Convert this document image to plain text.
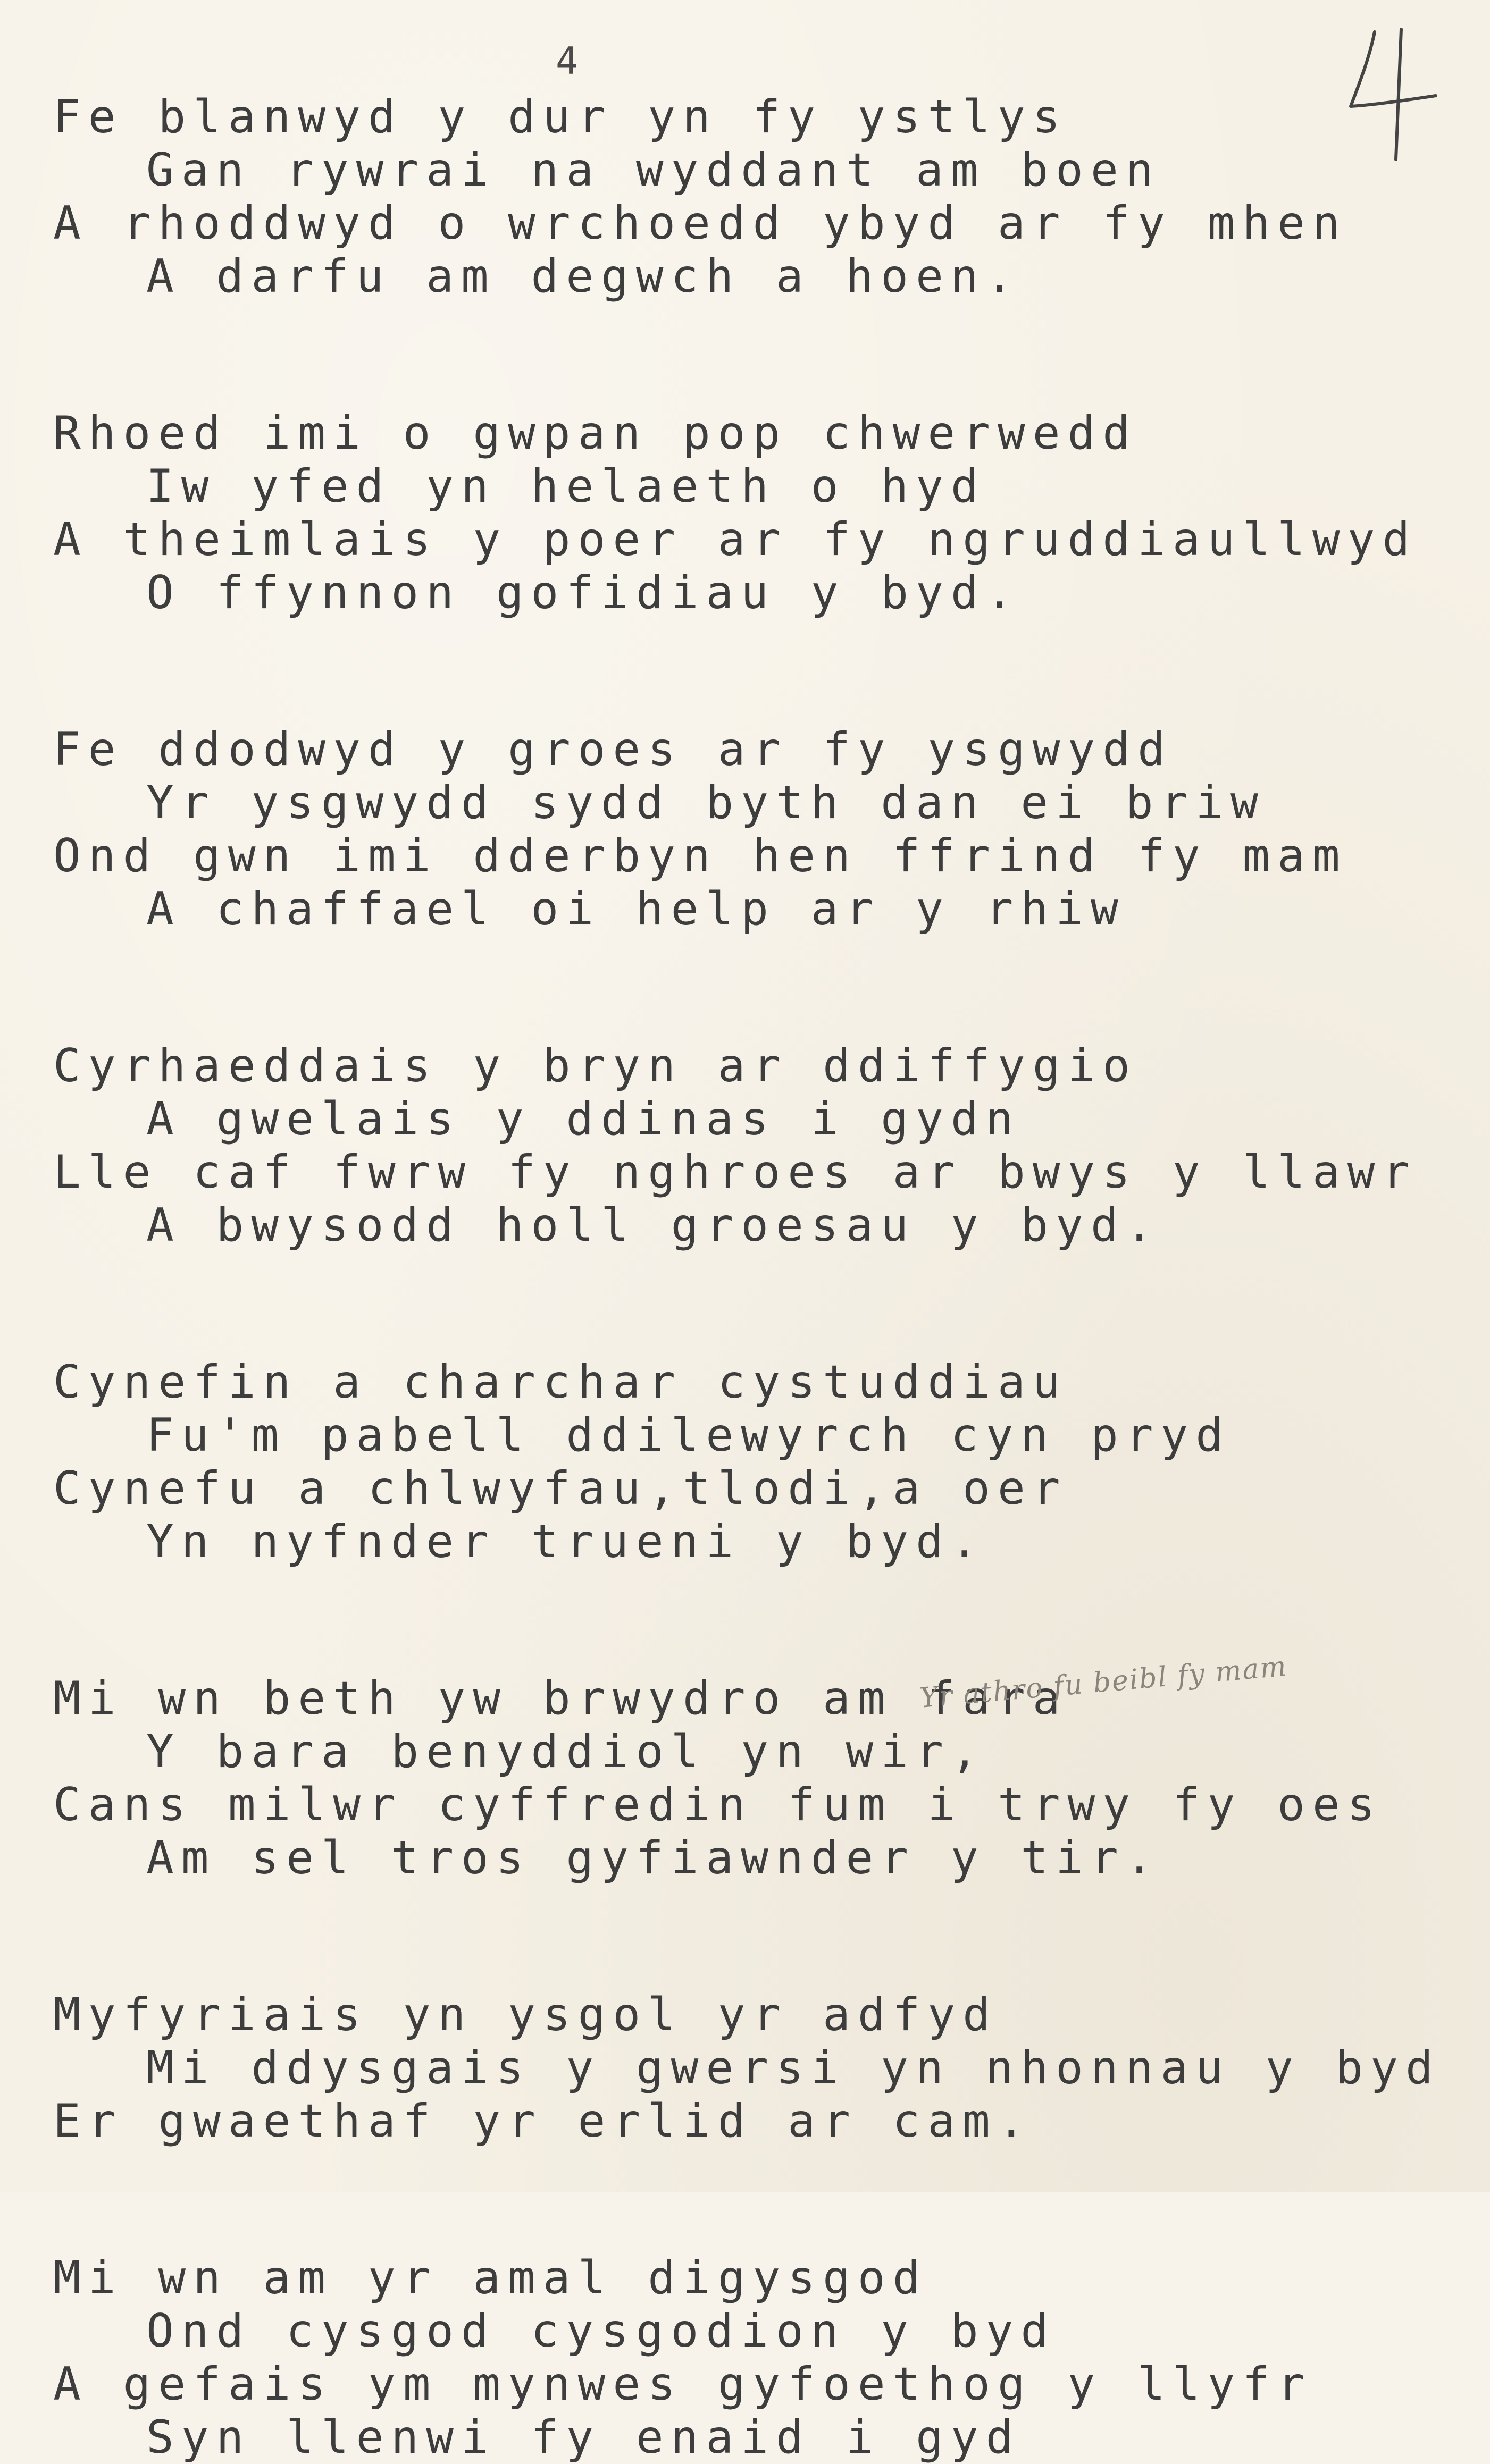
4
Fe blanwyd y dur yn fy ystlys
Gan rywrai na wyddant am boen
A rhoddwyd o wrchoedd ybyd ar fy mhen
A darfu am degwch a hoen.
Rhoed imi o gwpan pop chwerwedd
Iw yfed yn helaeth o hyd
A theimlais y poer ar fy ngruddiaullwyd
O ffynnon gofidiau y byd.
Fe ddodwyd y groes ar fy ysgwydd
Yr ysgwydd sydd byth dan ei briw
Ond gwn imi dderbyn hen ffrind fy mam
A chaffael oi help ar y rhiw
Cyrhaeddais y bryn ar ddiffygio
A gwelais y ddinas i gydn
Lle caf fwrw fy nghroes ar bwys y llawr
A bwysodd holl groesau y byd.
Cynefin a charchar cystuddiau
Fu'm pabell ddilewyrch cyn pryd
Cynefu a chlwyfau,tlodi,a oer
Yn nyfnder trueni y byd.
Mi wn beth yw brwydro am fara
Y bara benyddiol yn wir,
Cans milwr cyffredin fum i trwy fy oes
Am sel tros gyfiawnder y tir.
Myfyriais yn ysgol yr adfyd
Mi ddysgais y gwersi yn nhonnau y byd
Er gwaethaf yr erlid ar cam.
Mi wn am yr amal digysgod
Ond cysgod cysgodion y byd
A gefais ym mynwes gyfoethog y llyfr
Syn llenwi fy enaid i gyd
Yr athro fu beibl fy mam
